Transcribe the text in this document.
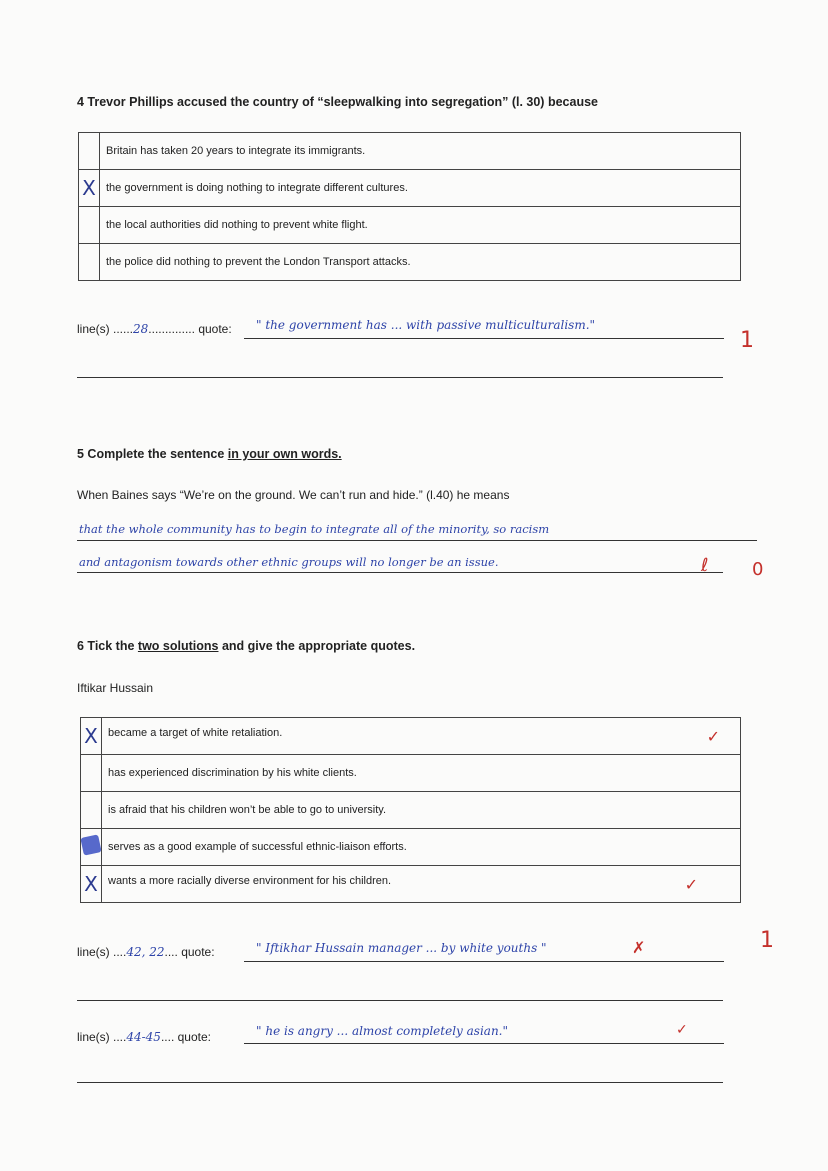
4 Trevor Phillips accused the country of “sleepwalking into segregation” (l. 30) because
	Britain has taken 20 years to integrate its immigrants.
X	the government is doing nothing to integrate different cultures.
	the local authorities did nothing to prevent white flight.
	the police did nothing to prevent the London Transport attacks.
line(s) ......28.............. quote: " the government has ... with passive multiculturalism."
1
5 Complete the sentence in your own words.
When Baines says “We’re on the ground. We can’t run and hide.” (l.40) he means
that the whole community has to begin to integrate all of the minority, so racism
and antagonism towards other ethnic groups will no longer be an issue.	ℓ 0
6 Tick the two solutions and give the appropriate quotes.
Iftikar Hussain
X	became a target of white retaliation. ✓

	has experienced discrimination by his white clients.
	is afraid that his children won’t be able to go to university.
	serves as a good example of successful ethnic-liaison efforts.
X	wants a more racially diverse environment for his children. ✓
line(s) ....42, 22.... quote:	" Iftikhar Hussain manager ... by white youths "	✗	1
line(s) ....44-45.... quote:	" he is angry ... almost completely asian."	✓
